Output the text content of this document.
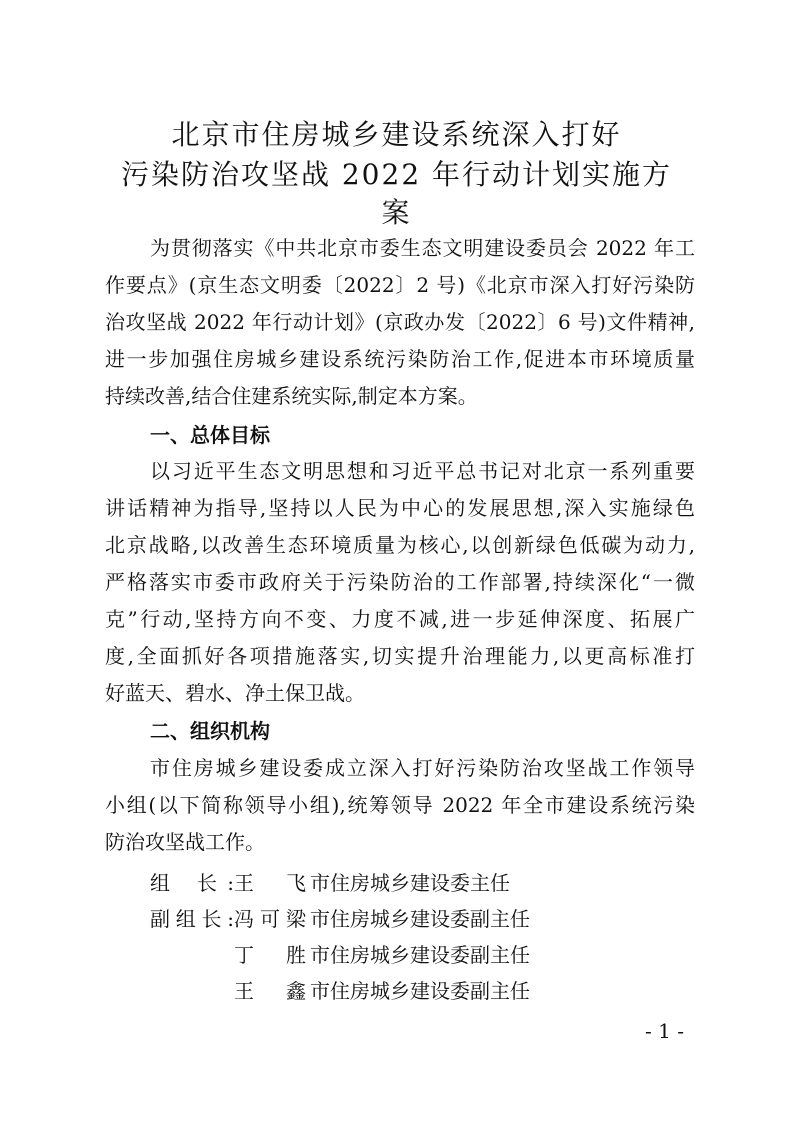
北京市住房城乡建设系统深入打好
污染防治攻坚战 2022 年行动计划实施方案
为贯彻落实《中共北京市委生态文明建设委员会 2022 年工
作要点》(京生态文明委〔2022〕2 号)《北京市深入打好污染防
治攻坚战 2022 年行动计划》(京政办发〔2022〕6 号)文件精神,
进一步加强住房城乡建设系统污染防治工作,促进本市环境质量
持续改善,结合住建系统实际,制定本方案。
一、总体目标
以习近平生态文明思想和习近平总书记对北京一系列重要
讲话精神为指导,坚持以人民为中心的发展思想,深入实施绿色
北京战略,以改善生态环境质量为核心,以创新绿色低碳为动力,
严格落实市委市政府关于污染防治的工作部署,持续深化“一微
克”行动,坚持方向不变、力度不减,进一步延伸深度、拓展广
度,全面抓好各项措施落实,切实提升治理能力,以更高标准打
好蓝天、碧水、净土保卫战。
二、组织机构
市住房城乡建设委成立深入打好污染防治攻坚战工作领导
小组(以下简称领导小组),统筹领导 2022 年全市建设系统污染
防治攻坚战工作。
组 长:王 飞 市住房城乡建设委主任
副组长:冯可梁 市住房城乡建设委副主任
丁 胜 市住房城乡建设委副主任
王 鑫 市住房城乡建设委副主任
- 1 -
